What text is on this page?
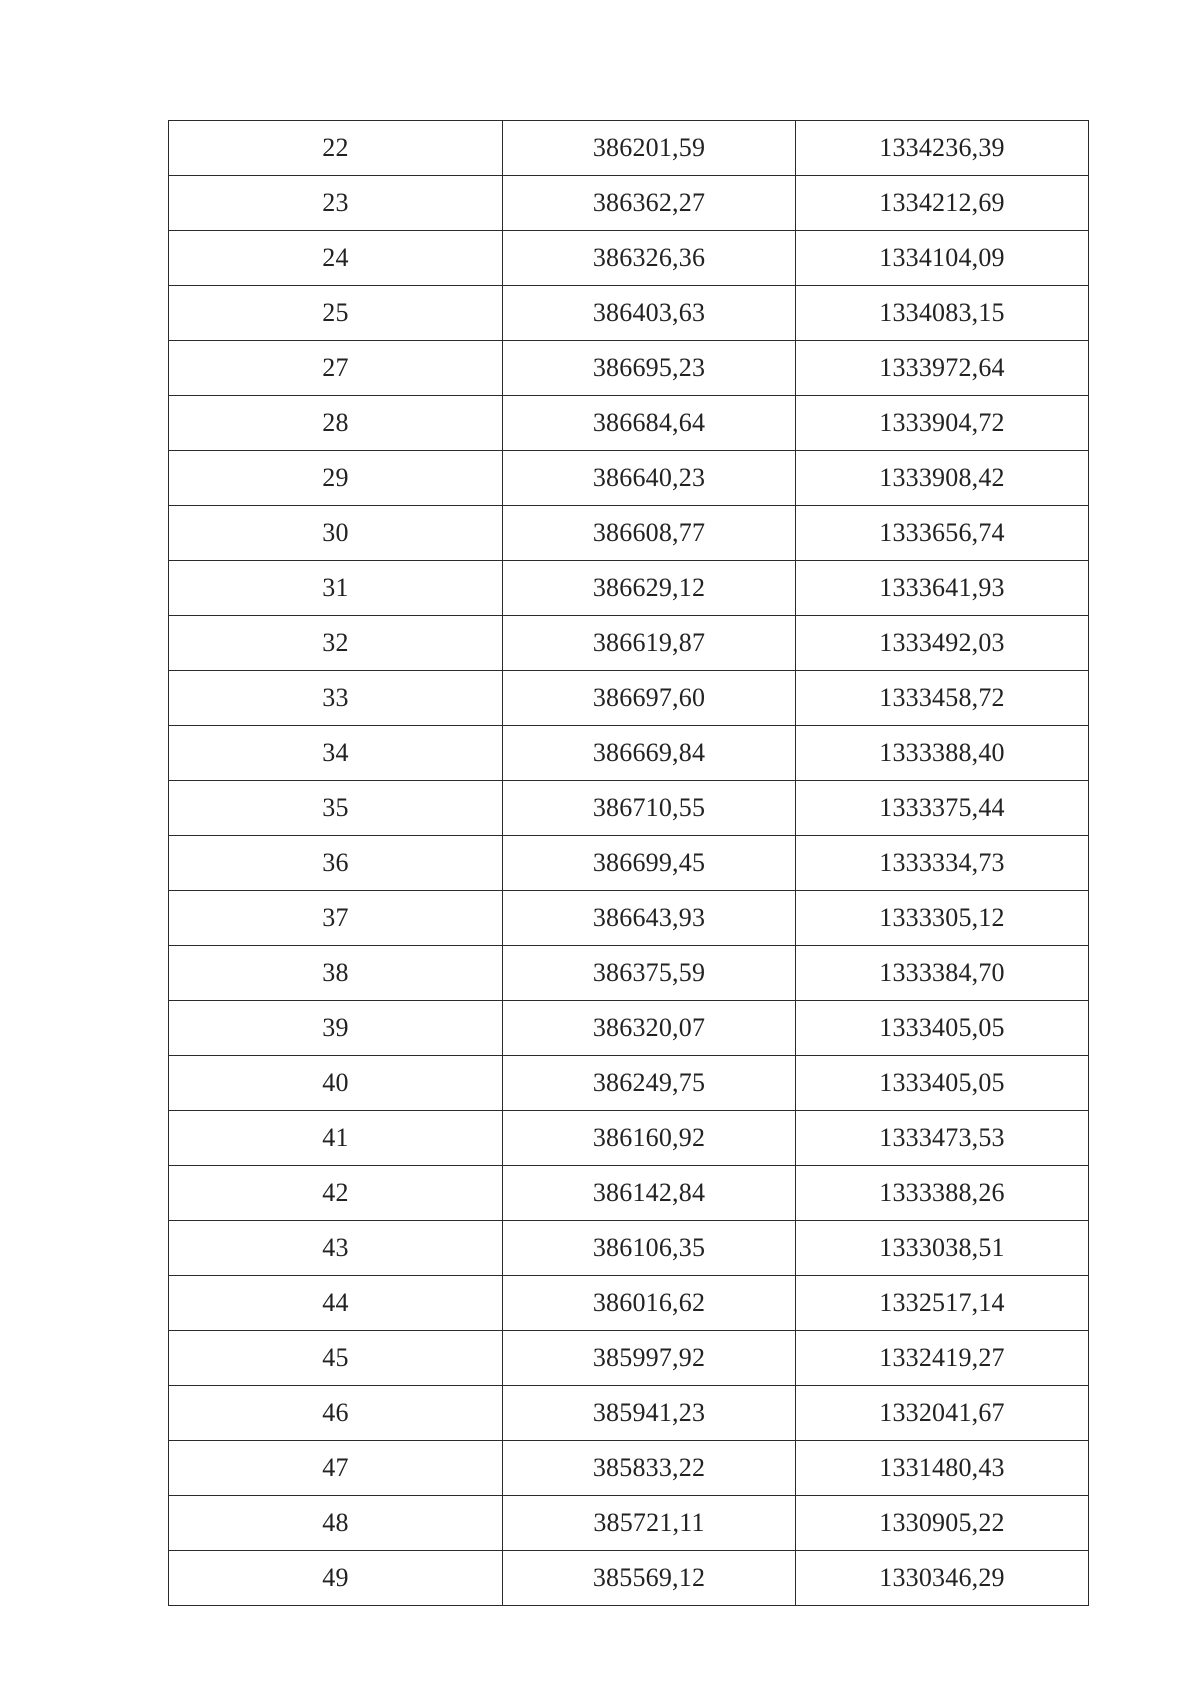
22	386201,59	1334236,39
23	386362,27	1334212,69
24	386326,36	1334104,09
25	386403,63	1334083,15
27	386695,23	1333972,64
28	386684,64	1333904,72
29	386640,23	1333908,42
30	386608,77	1333656,74
31	386629,12	1333641,93
32	386619,87	1333492,03
33	386697,60	1333458,72
34	386669,84	1333388,40
35	386710,55	1333375,44
36	386699,45	1333334,73
37	386643,93	1333305,12
38	386375,59	1333384,70
39	386320,07	1333405,05
40	386249,75	1333405,05
41	386160,92	1333473,53
42	386142,84	1333388,26
43	386106,35	1333038,51
44	386016,62	1332517,14
45	385997,92	1332419,27
46	385941,23	1332041,67
47	385833,22	1331480,43
48	385721,11	1330905,22
49	385569,12	1330346,29
